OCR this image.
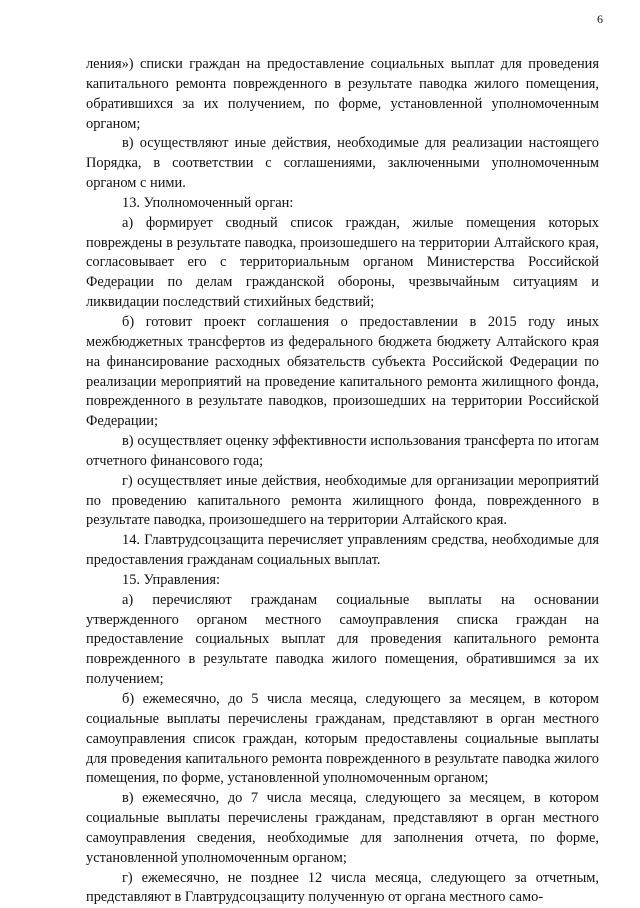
6

ления») списки граждан на предоставление социальных выплат для проведения капитального ремонта поврежденного в результате паводка жилого помещения, обратившихся за их получением, по форме, установленной уполномоченным органом;

в) осуществляют иные действия, необходимые для реализации настоящего Порядка, в соответствии с соглашениями, заключенными уполномоченным органом с ними.

13. Уполномоченный орган:

а) формирует сводный список граждан, жилые помещения которых повреждены в результате паводка, произошедшего на территории Алтайского края, согласовывает его с территориальным органом Министерства Российской Федерации по делам гражданской обороны, чрезвычайным ситуациям и ликвидации последствий стихийных бедствий;

б) готовит проект соглашения о предоставлении в 2015 году иных межбюджетных трансфертов из федерального бюджета бюджету Алтайского края на финансирование расходных обязательств субъекта Российской Федерации по реализации мероприятий на проведение капитального ремонта жилищного фонда, поврежденного в результате паводков, произошедших на территории Российской Федерации;

в) осуществляет оценку эффективности использования трансферта по итогам отчетного финансового года;

г) осуществляет иные действия, необходимые для организации мероприятий по проведению капитального ремонта жилищного фонда, поврежденного в результате паводка, произошедшего на территории Алтайского края.

14. Главтрудсоцзащита перечисляет управлениям средства, необходимые для предоставления гражданам социальных выплат.

15. Управления:

а) перечисляют гражданам социальные выплаты на основании утвержденного органом местного самоуправления списка граждан на предоставление социальных выплат для проведения капитального ремонта поврежденного в результате паводка жилого помещения, обратившимся за их получением;

б) ежемесячно, до 5 числа месяца, следующего за месяцем, в котором социальные выплаты перечислены гражданам, представляют в орган местного самоуправления список граждан, которым предоставлены социальные выплаты для проведения капитального ремонта поврежденного в результате паводка жилого помещения, по форме, установленной уполномоченным органом;

в) ежемесячно, до 7 числа месяца, следующего за месяцем, в котором социальные выплаты перечислены гражданам, представляют в орган местного самоуправления сведения, необходимые для заполнения отчета, по форме, установленной уполномоченным органом;

г) ежемесячно, не позднее 12 числа месяца, следующего за отчетным, представляют в Главтрудсоцзащиту полученную от органа местного само-
